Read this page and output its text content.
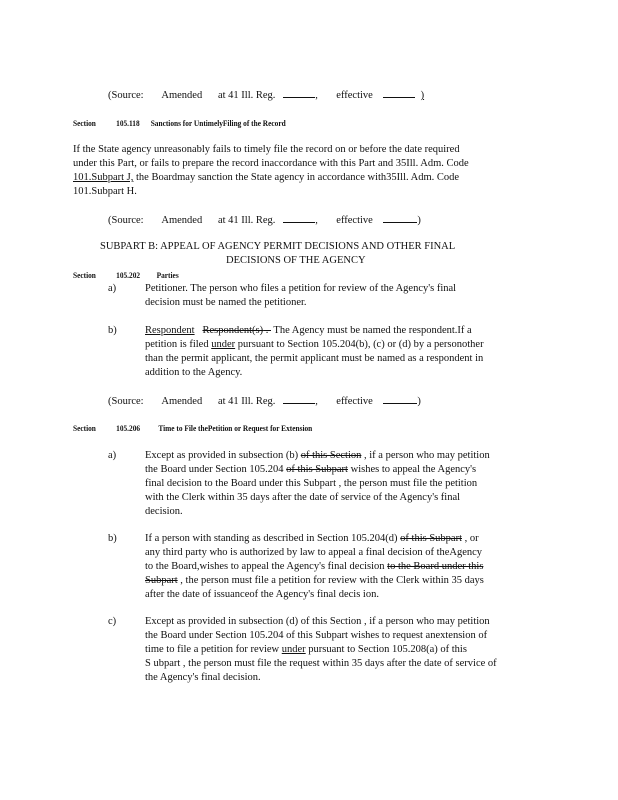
(Source: Amended at 41 Ill. Reg.	,       effective	)
Section	105.118 Sanctions for UntimelyFiling of the Record
If the State agency unreasonably fails to timely file the record on or before the date required
under this Part, or fails to prepare the record inaccordance with this Part and 35Ill. Adm. Code
101.Subpart J, the Boardmay sanction the State agency in accordance with35Ill. Adm. Code
101.Subpart H.
(Source: Amended at 41 Ill. Reg.	,       effective	)
SUBPART B: APPEAL OF AGENCY PERMIT DECISIONS AND OTHER FINAL
DECISIONS OF THE AGENCY
Section	105.202 Parties
a)	Petitioner. The person who files a petition for review of the Agency's final
decision must be named the petitioner.
b)	Respondent Respondent(s) .  The Agency must be named the respondent.If a
petition is filed under pursuant to Section 105.204(b), (c) or (d) by a personother
than the permit applicant, the permit applicant must be named as a respondent in
addition to the Agency.
(Source: Amended at 41 Ill. Reg.	,       effective	)
Section	105.206 Time to File thePetition or Request for Extension
a)	Except as provided in subsection (b) of this Section , if a person who may petition
the Board under Section 105.204 of this Subpart wishes to appeal the Agency's
final decision to the Board under this Subpart , the person must file the petition
with the Clerk within 35 days after the date of service of the Agency's final
decision.
b)	If a person with standing as described in Section 105.204(d) of this Subpart , or
any third party who is authorized by law to appeal a final decision of theAgency
to the Board,wishes to appeal the Agency's final decision to the Board under this
Subpart , the person must file a petition for review with the Clerk within 35 days
after the date of issuanceof the Agency's final decis ion.
c)	Except as provided in subsection (d) of this Section , if a person who may petition
the Board under Section 105.204 of this Subpart wishes to request anextension of
time to file a petition for review under pursuant to Section 105.208(a) of this
S ubpart , the person must file the request within 35 days after the date of service of
the Agency's final decision.
